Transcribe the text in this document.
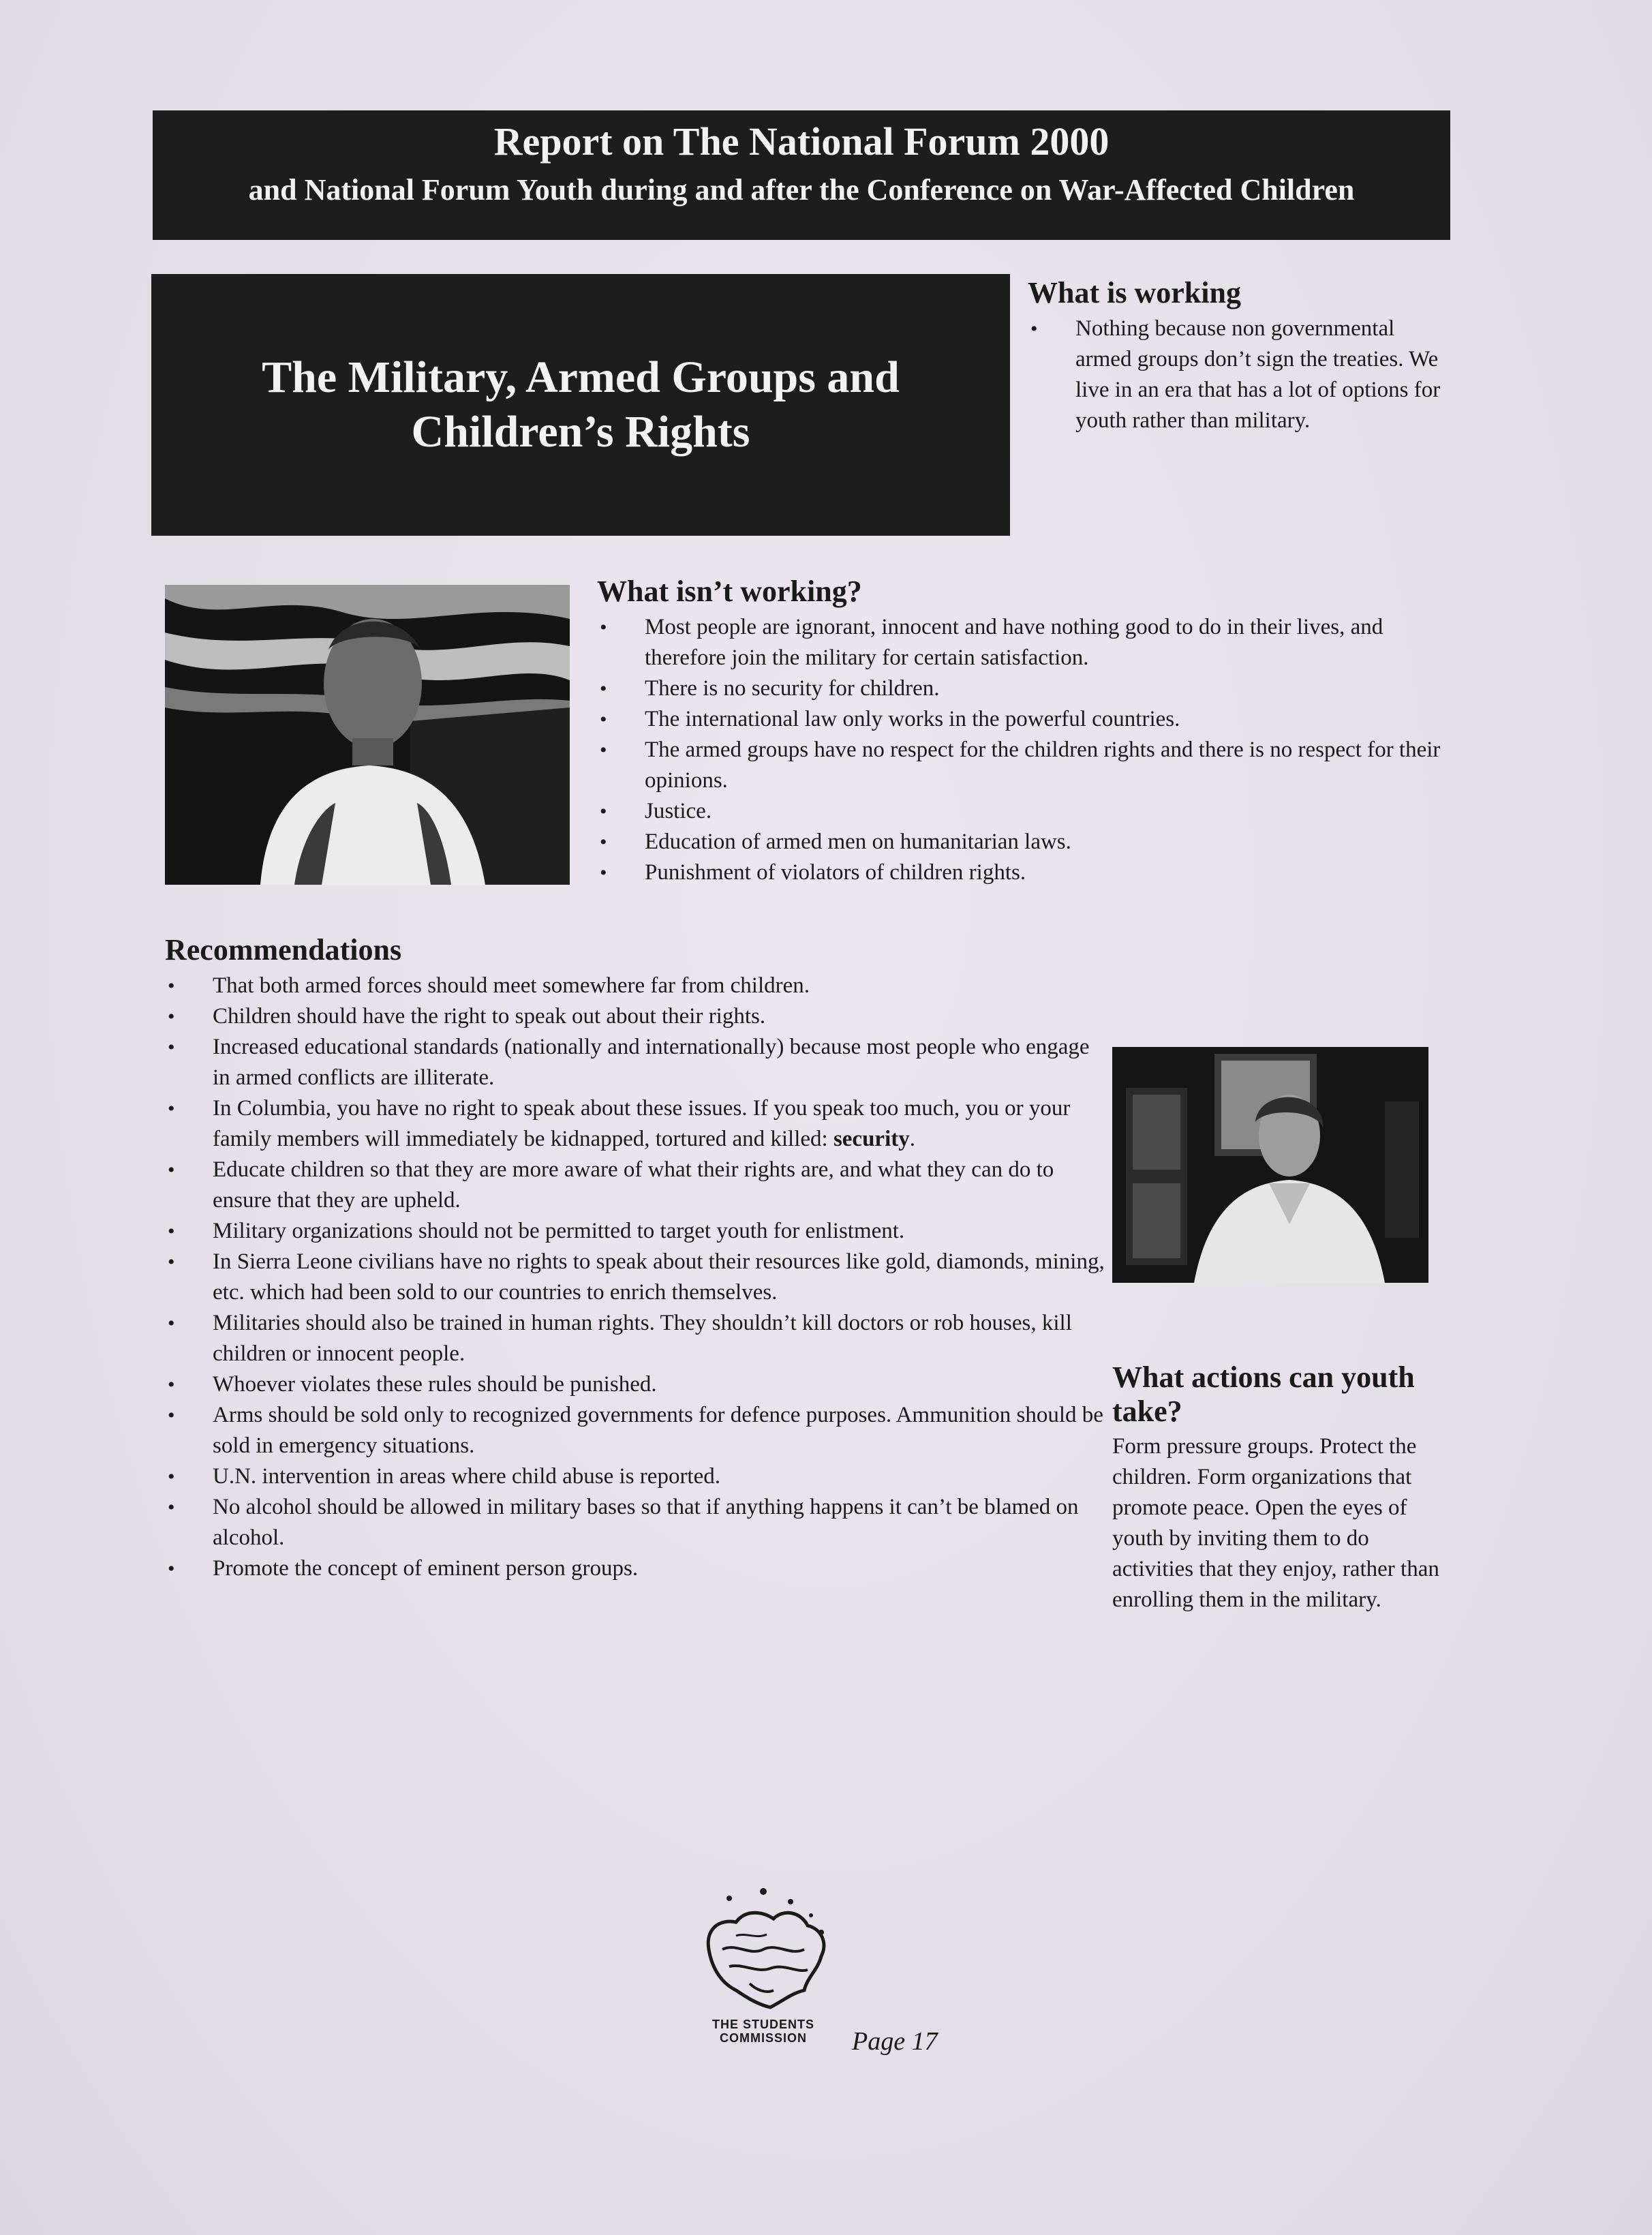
Report on The National Forum 2000
and National Forum Youth during and after the Conference on War-Affected Children
The Military, Armed Groups and Children’s Rights
What is working
• Nothing because non governmental armed groups don’t sign the treaties. We live in an era that has a lot of options for youth rather than military.
What isn’t working?
• Most people are ignorant, innocent and have nothing good to do in their lives, and therefore join the military for certain satisfaction.
• There is no security for children.
• The international law only works in the powerful countries.
• The armed groups have no respect for the children rights and there is no respect for their opinions.
• Justice.
• Education of armed men on humanitarian laws.
• Punishment of violators of children rights.
Recommendations
• That both armed forces should meet somewhere far from children.
• Children should have the right to speak out about their rights.
• Increased educational standards (nationally and internationally) because most people who engage in armed conflicts are illiterate.
• In Columbia, you have no right to speak about these issues. If you speak too much, you or your family members will immediately be kidnapped, tortured and killed: security.
• Educate children so that they are more aware of what their rights are, and what they can do to ensure that they are upheld.
• Military organizations should not be permitted to target youth for enlistment.
• In Sierra Leone civilians have no rights to speak about their resources like gold, diamonds, mining, etc. which had been sold to our countries to enrich themselves.
• Militaries should also be trained in human rights. They shouldn’t kill doctors or rob houses, kill children or innocent people.
• Whoever violates these rules should be punished.
• Arms should be sold only to recognized governments for defence purposes. Ammunition should be sold in emergency situations.
• U.N. intervention in areas where child abuse is reported.
• No alcohol should be allowed in military bases so that if anything happens it can’t be blamed on alcohol.
• Promote the concept of eminent person groups.
What actions can youth take?
Form pressure groups. Protect the children. Form organizations that promote peace. Open the eyes of youth by inviting them to do activities that they enjoy, rather than enrolling them in the military.
THE STUDENTS
COMMISSION	Page 17
